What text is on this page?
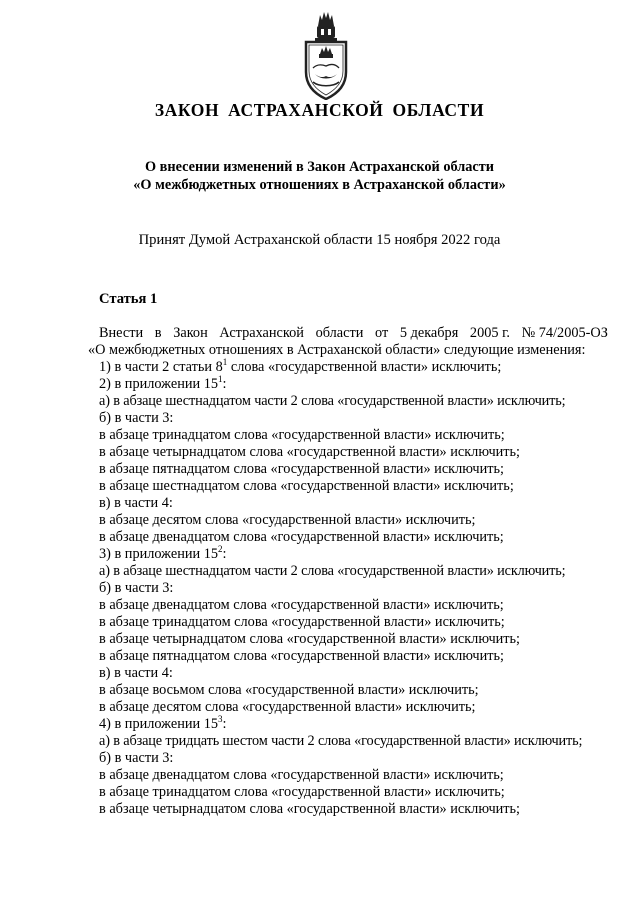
ЗАКОН АСТРАХАНСКОЙ ОБЛАСТИ
О внесении изменений в Закон Астраханской области
«О межбюджетных отношениях в Астраханской области»
Принят Думой Астраханской области 15 ноября 2022 года
Статья 1
Внести в Закон Астраханской области от 5 декабря 2005 г. № 74/2005-ОЗ
«О межбюджетных отношениях в Астраханской области» следующие изменения:
1) в части 2 статьи $8^1$ слова «государственной власти» исключить;
2) в приложении $15^1$:
а) в абзаце шестнадцатом части 2 слова «государственной власти» исключить;
б) в части 3:
в абзаце тринадцатом слова «государственной власти» исключить;
в абзаце четырнадцатом слова «государственной власти» исключить;
в абзаце пятнадцатом слова «государственной власти» исключить;
в абзаце шестнадцатом слова «государственной власти» исключить;
в) в части 4:
в абзаце десятом слова «государственной власти» исключить;
в абзаце двенадцатом слова «государственной власти» исключить;
3) в приложении $15^2$:
а) в абзаце шестнадцатом части 2 слова «государственной власти» исключить;
б) в части 3:
в абзаце двенадцатом слова «государственной власти» исключить;
в абзаце тринадцатом слова «государственной власти» исключить;
в абзаце четырнадцатом слова «государственной власти» исключить;
в абзаце пятнадцатом слова «государственной власти» исключить;
в) в части 4:
в абзаце восьмом слова «государственной власти» исключить;
в абзаце десятом слова «государственной власти» исключить;
4) в приложении $15^3$:
а) в абзаце тридцать шестом части 2 слова «государственной власти» исключить;
б) в части 3:
в абзаце двенадцатом слова «государственной власти» исключить;
в абзаце тринадцатом слова «государственной власти» исключить;
в абзаце четырнадцатом слова «государственной власти» исключить;
